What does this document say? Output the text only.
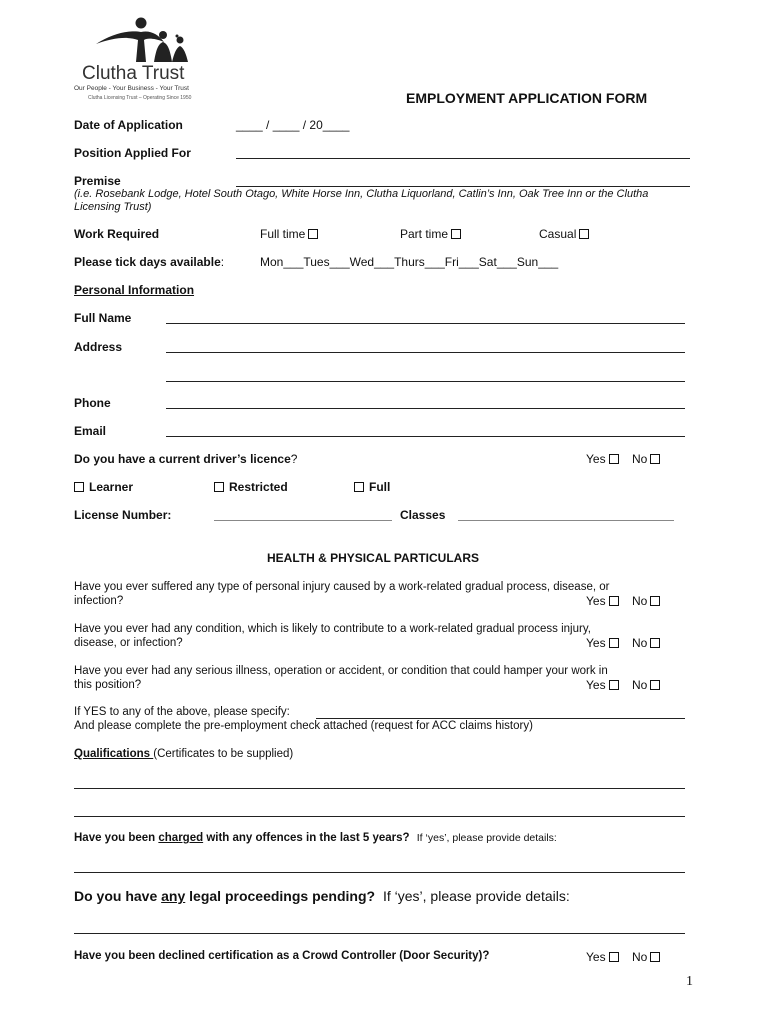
Clutha Trust
Our People - Your Business - Your Trust
Clutha Licensing Trust – Operating Since 1950	EMPLOYMENT APPLICATION FORM
Date of Application	____ / ____ / 20____
Position Applied For
Premise
(i.e. Rosebank Lodge, Hotel South Otago, White Horse Inn, Clutha Liquorland, Catlin’s Inn, Oak Tree Inn or the Clutha
Licensing Trust)
Work Required	Full time	Part time	Casual
Please tick days available:	Mon___Tues___Wed___Thurs___Fri___Sat___Sun___
Personal Information
Full Name
Address
Phone
Email
Do you have a current driver’s licence?	Yes	No
Learner	Restricted	Full
License Number:	Classes
HEALTH & PHYSICAL PARTICULARS
Have you ever suffered any type of personal injury caused by a work-related gradual process, disease, or
infection?	Yes	No
Have you ever had any condition, which is likely to contribute to a work-related gradual process injury,
disease, or infection?	Yes	No
Have you ever had any serious illness, operation or accident, or condition that could hamper your work in
this position?	Yes	No
If YES to any of the above, please specify:
And please complete the pre-employment check attached (request for ACC claims history)
Qualifications (Certificates to be supplied)
Have you been charged with any offences in the last 5 years? If ‘yes’, please provide details:
Do you have any legal proceedings pending? If ‘yes’, please provide details:
Have you been declined certification as a Crowd Controller (Door Security)?	Yes	No
1
